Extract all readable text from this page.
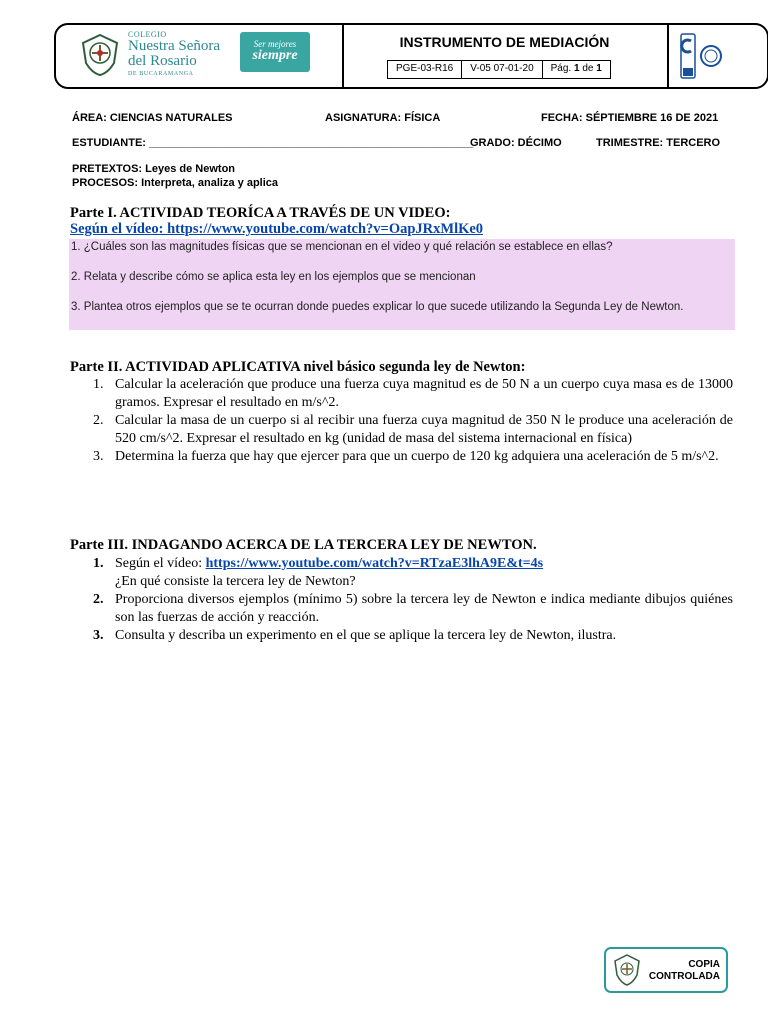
COLEGIO
Nuestra Señora
del Rosario
DE BUCARAMANGA
Ser mejores
siempre
INSTRUMENTO DE MEDIACIÓN
PGE-03-R16	V-05 07-01-20	Pág. 1 de 1
ÁREA: CIENCIAS NATURALES	ASIGNATURA: FÍSICA	FECHA: SÉPTIEMBRE 16 DE 2021
ESTUDIANTE: _____________________________________________________
GRADO: DÉCIMO	TRIMESTRE: TERCERO
PRETEXTOS: Leyes de Newton
PROCESOS: Interpreta, analiza y aplica
Parte I. ACTIVIDAD TEORÍCA A TRAVÉS DE UN VIDEO:
Según el vídeo: https://www.youtube.com/watch?v=OapJRxMlKe0

1. ¿Cuáles son las magnitudes físicas que se mencionan en el video y qué relación se establece en ellas?

2. Relata y describe cómo se aplica esta ley en los ejemplos que se mencionan

3. Plantea otros ejemplos que se te ocurran donde puedes explicar lo que sucede utilizando la Segunda Ley de Newton.

Parte II. ACTIVIDAD APLICATIVA nivel básico segunda ley de Newton:
1. Calcular la aceleración que produce una fuerza cuya magnitud es de 50 N a un cuerpo cuya masa es de 13000 gramos. Expresar el resultado en m/s^2.
2. Calcular la masa de un cuerpo si al recibir una fuerza cuya magnitud de 350 N le produce una aceleración de 520 cm/s^2. Expresar el resultado en kg (unidad de masa del sistema internacional en física)
3. Determina la fuerza que hay que ejercer para que un cuerpo de 120 kg adquiera una aceleración de 5 m/s^2.
Parte III. INDAGANDO ACERCA DE LA TERCERA LEY DE NEWTON.
1. Según el vídeo: https://www.youtube.com/watch?v=RTzaE3lhA9E&t=4s
¿En qué consiste la tercera ley de Newton?
2. Proporciona diversos ejemplos (mínimo 5) sobre la tercera ley de Newton e indica mediante dibujos quiénes son las fuerzas de acción y reacción.
3. Consulta y describa un experimento en el que se aplique la tercera ley de Newton, ilustra.
COPIA
CONTROLADA
